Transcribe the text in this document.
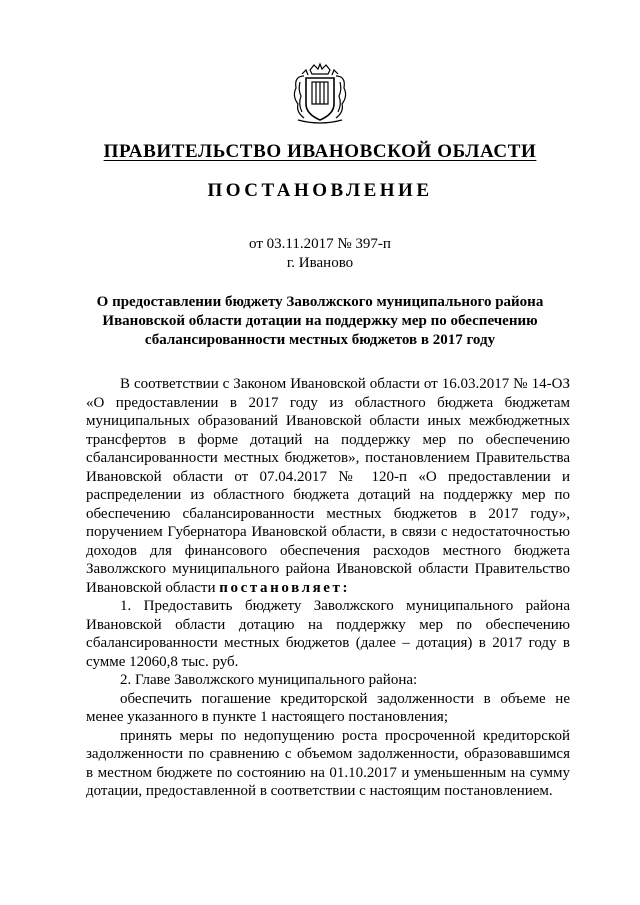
ПРАВИТЕЛЬСТВО ИВАНОВСКОЙ ОБЛАСТИ
ПОСТАНОВЛЕНИЕ
от 03.11.2017 № 397-п
г. Иваново
О предоставлении бюджету Заволжского муниципального района Ивановской области дотации на поддержку мер по обеспечению сбалансированности местных бюджетов в 2017 году

В соответствии с Законом Ивановской области от 16.03.2017 № 14-ОЗ «О предоставлении в 2017 году из областного бюджета бюджетам муниципальных образований Ивановской области иных межбюджетных трансфертов в форме дотаций на поддержку мер по обеспечению сбалансированности местных бюджетов», постановлением Правительства Ивановской области от 07.04.2017 № 120-п «О предоставлении и распределении из областного бюджета дотаций на поддержку мер по обеспечению сбалансированности местных бюджетов в 2017 году», поручением Губернатора Ивановской области, в связи с недостаточностью доходов для финансового обеспечения расходов местного бюджета Заволжского муниципального района Ивановской области Правительство Ивановской области постановляет:

1. Предоставить бюджету Заволжского муниципального района Ивановской области дотацию на поддержку мер по обеспечению сбалансированности местных бюджетов (далее – дотация) в 2017 году в сумме 12060,8 тыс. руб.

2. Главе Заволжского муниципального района:

обеспечить погашение кредиторской задолженности в объеме не менее указанного в пункте 1 настоящего постановления;

принять меры по недопущению роста просроченной кредиторской задолженности по сравнению с объемом задолженности, образовавшимся в местном бюджете по состоянию на 01.10.2017 и уменьшенным на сумму дотации, предоставленной в соответствии с настоящим постановлением.
